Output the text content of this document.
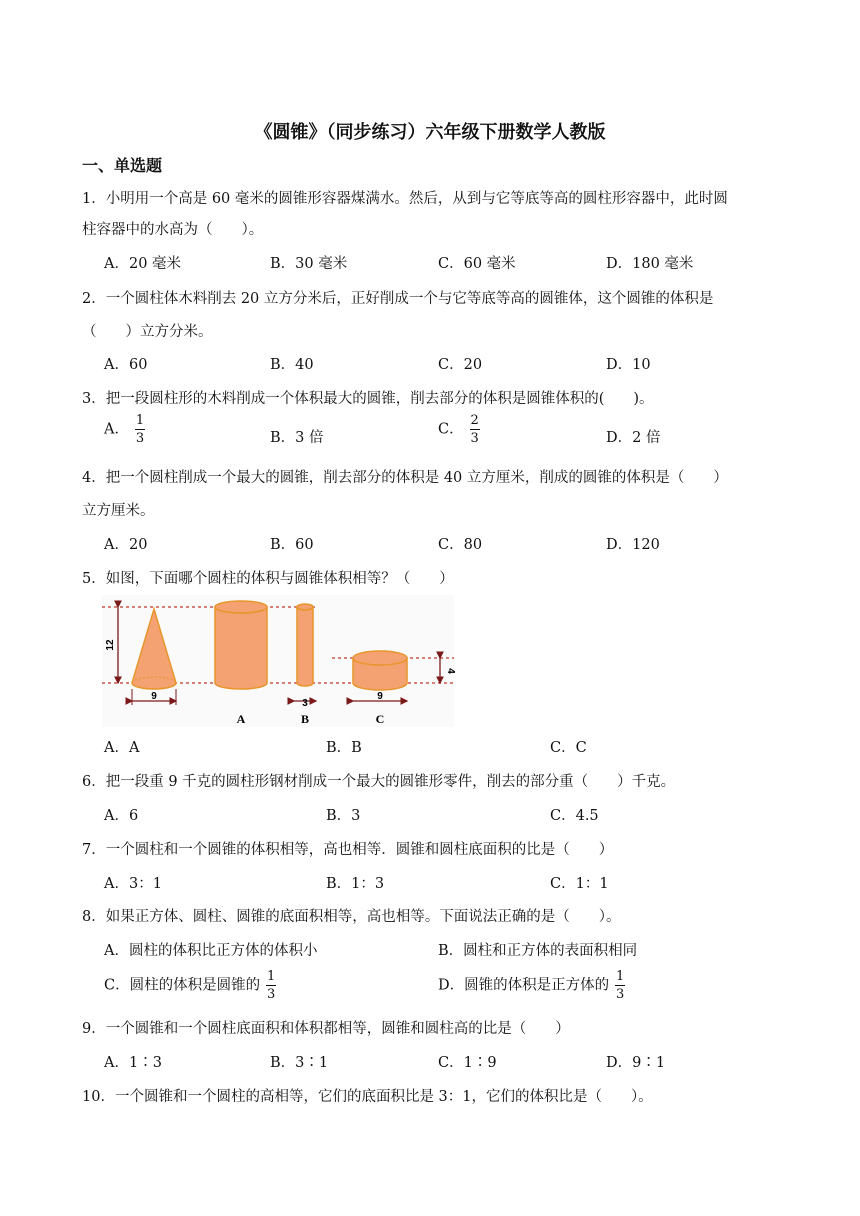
《圆锥》（同步练习）六年级下册数学人教版
一、单选题
1．小明用一个高是 60 毫米的圆锥形容器煤满水。然后，从到与它等底等高的圆柱形容器中，此时圆
柱容器中的水高为（　　）。
A．20 毫米	B．30 毫米	C．60 毫米	D．180 毫米
2．一个圆柱体木料削去 20 立方分米后，正好削成一个与它等底等高的圆锥体，这个圆锥的体积是
（　　）立方分米。
A．60	B．40	C．20	D．10
3．把一段圆柱形的木料削成一个体积最大的圆锥，削去部分的体积是圆锥体积的(　　)。
A． $\frac{1}{3}$	B．3 倍
C． $\frac{2}{3}$	D．2 倍
4．把一个圆柱削成一个最大的圆锥，削去部分的体积是 40 立方厘米，削成的圆锥的体积是（　　）
立方厘米。
A．20	B．60	C．80	D．120
5．如图，下面哪个圆柱的体积与圆锥体积相等？（　　）
12
9
A
3
B
9
4
C
A．A	B．B	C．C
6．把一段重 9 千克的圆柱形钢材削成一个最大的圆锥形零件，削去的部分重（　　）千克。
A．6	B．3	C．4.5
7．一个圆柱和一个圆锥的体积相等，高也相等．圆锥和圆柱底面积的比是（　　）
A．3：1	B．1：3	C．1：1
8．如果正方体、圆柱、圆锥的底面积相等，高也相等。下面说法正确的是（　　）。
A．圆柱的体积比正方体的体积小	B．圆柱和正方体的表面积相同
C．圆柱的体积是圆锥的 $\frac{1}{3}$	D．圆锥的体积是正方体的 $\frac{1}{3}$
9．一个圆锥和一个圆柱底面积和体积都相等，圆锥和圆柱高的比是（　　）
A．1∶3	B．3∶1	C．1∶9	D．9∶1
10．一个圆锥和一个圆柱的高相等，它们的底面积比是 3：1，它们的体积比是（　　）。
